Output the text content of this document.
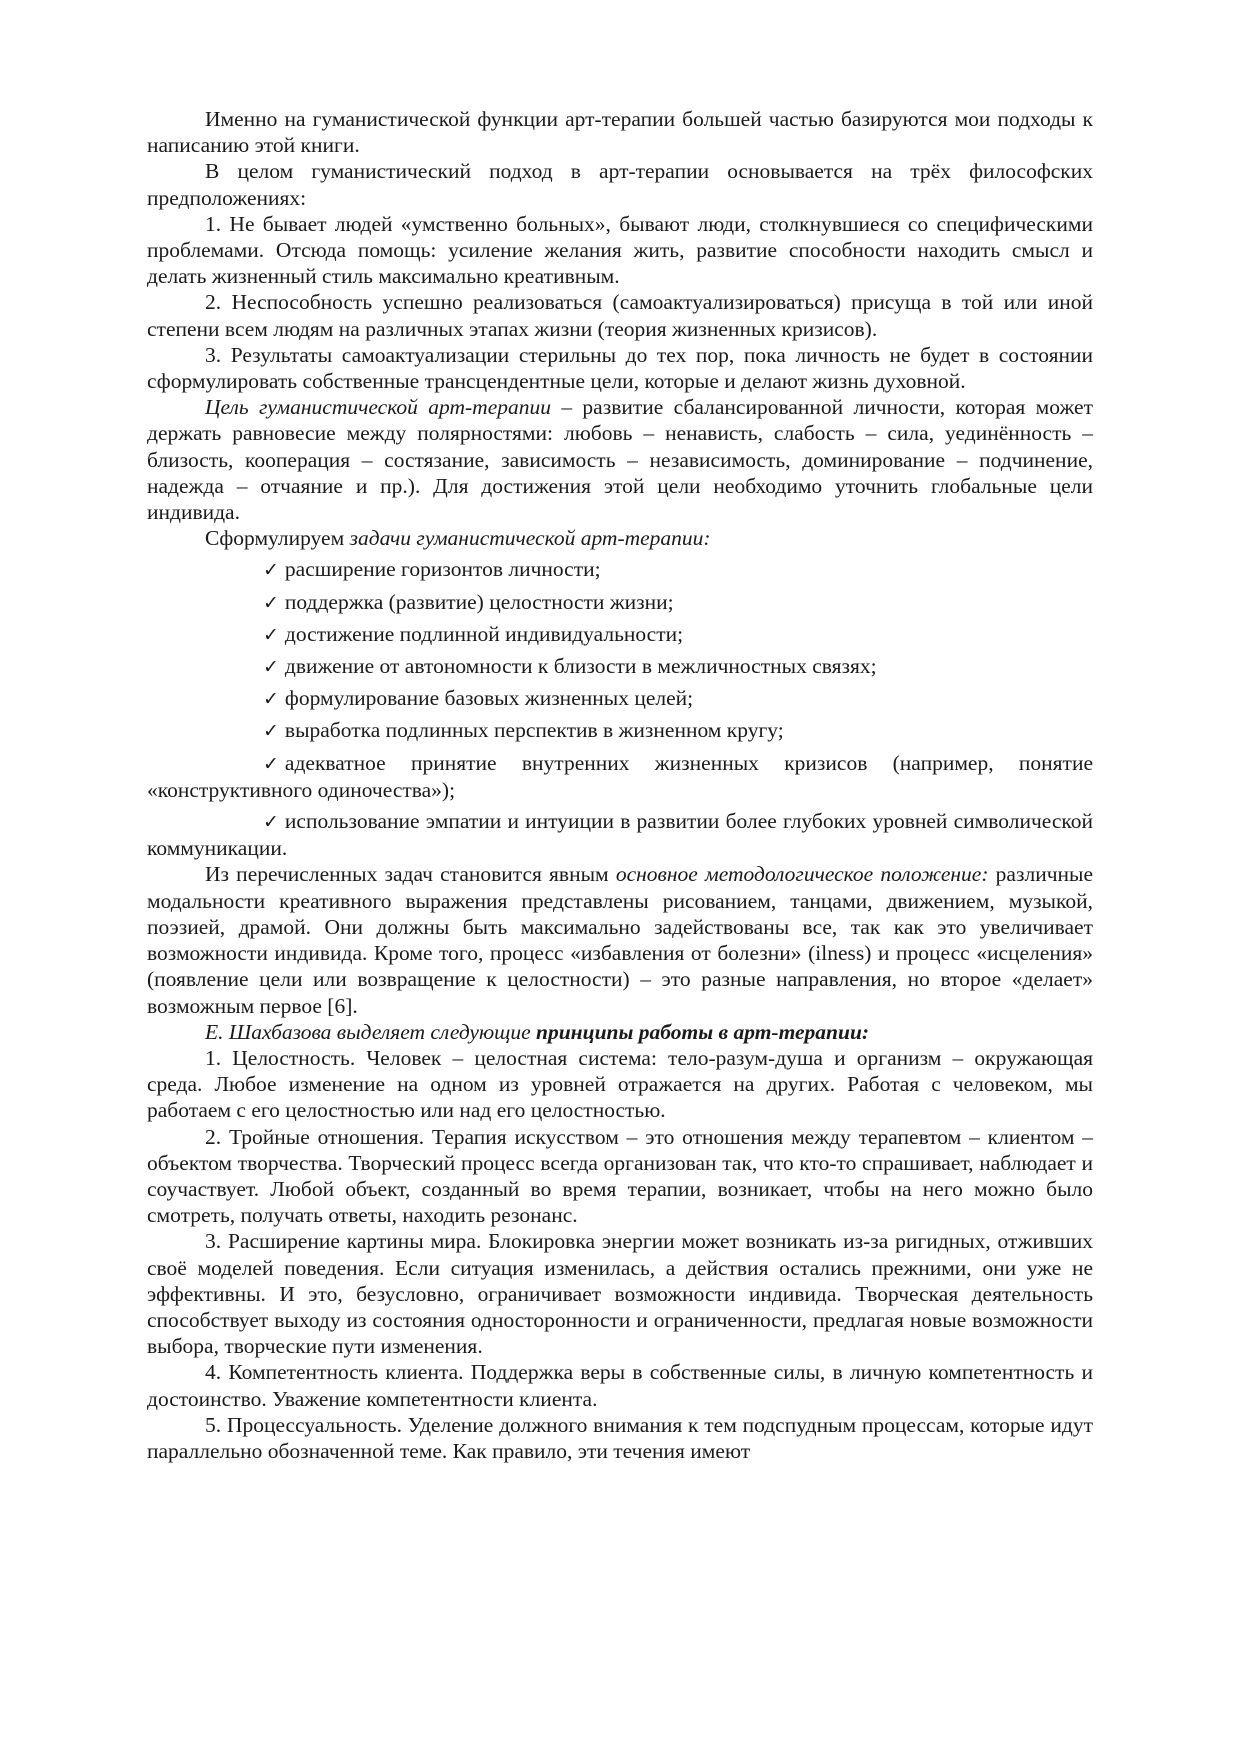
Именно на гуманистической функции арт-терапии большей частью базируются мои подходы к написанию этой книги.

В целом гуманистический подход в арт-терапии основывается на трёх философских предположениях:

1. Не бывает людей «умственно больных», бывают люди, столкнувшиеся со специфическими проблемами. Отсюда помощь: усиление желания жить, развитие способности находить смысл и делать жизненный стиль максимально креативным.

2. Неспособность успешно реализоваться (самоактуализироваться) присуща в той или иной степени всем людям на различных этапах жизни (теория жизненных кризисов).

3. Результаты самоактуализации стерильны до тех пор, пока личность не будет в состоянии сформулировать собственные трансцендентные цели, которые и делают жизнь духовной.

Цель гуманистической арт-терапии – развитие сбалансированной личности, которая может держать равновесие между полярностями: любовь – ненависть, слабость – сила, уединённость – близость, кооперация – состязание, зависимость – независимость, доминирование – подчинение, надежда – отчаяние и пр.). Для достижения этой цели необходимо уточнить глобальные цели индивида.

Сформулируем задачи гуманистической арт-терапии:

✓ расширение горизонтов личности;

✓ поддержка (развитие) целостности жизни;

✓ достижение подлинной индивидуальности;

✓ движение от автономности к близости в межличностных связях;

✓ формулирование базовых жизненных целей;

✓ выработка подлинных перспектив в жизненном кругу;

✓ адекватное принятие внутренних жизненных кризисов (например, понятие «конструктивного одиночества»);

✓ использование эмпатии и интуиции в развитии более глубоких уровней символической коммуникации.

Из перечисленных задач становится явным основное методологическое положение: различные модальности креативного выражения представлены рисованием, танцами, движением, музыкой, поэзией, драмой. Они должны быть максимально задействованы все, так как это увеличивает возможности индивида. Кроме того, процесс «избавления от болезни» (ilness) и процесс «исцеления» (появление цели или возвращение к целостности) – это разные направления, но второе «делает» возможным первое [6].

Е. Шахбазова выделяет следующие принципы работы в арт-терапии:

1. Целостность. Человек – целостная система: тело-разум-душа и организм – окружающая среда. Любое изменение на одном из уровней отражается на других. Работая с человеком, мы работаем с его целостностью или над его целостностью.

2. Тройные отношения. Терапия искусством – это отношения между терапевтом – клиентом – объектом творчества. Творческий процесс всегда организован так, что кто-то спрашивает, наблюдает и соучаствует. Любой объект, созданный во время терапии, возникает, чтобы на него можно было смотреть, получать ответы, находить резонанс.

3. Расширение картины мира. Блокировка энергии может возникать из-за ригидных, отживших своё моделей поведения. Если ситуация изменилась, а действия остались прежними, они уже не эффективны. И это, безусловно, ограничивает возможности индивида. Творческая деятельность способствует выходу из состояния односторонности и ограниченности, предлагая новые возможности выбора, творческие пути изменения.

4. Компетентность клиента. Поддержка веры в собственные силы, в личную компетентность и достоинство. Уважение компетентности клиента.

5. Процессуальность. Уделение должного внимания к тем подспудным процессам, которые идут параллельно обозначенной теме. Как правило, эти течения имеют
